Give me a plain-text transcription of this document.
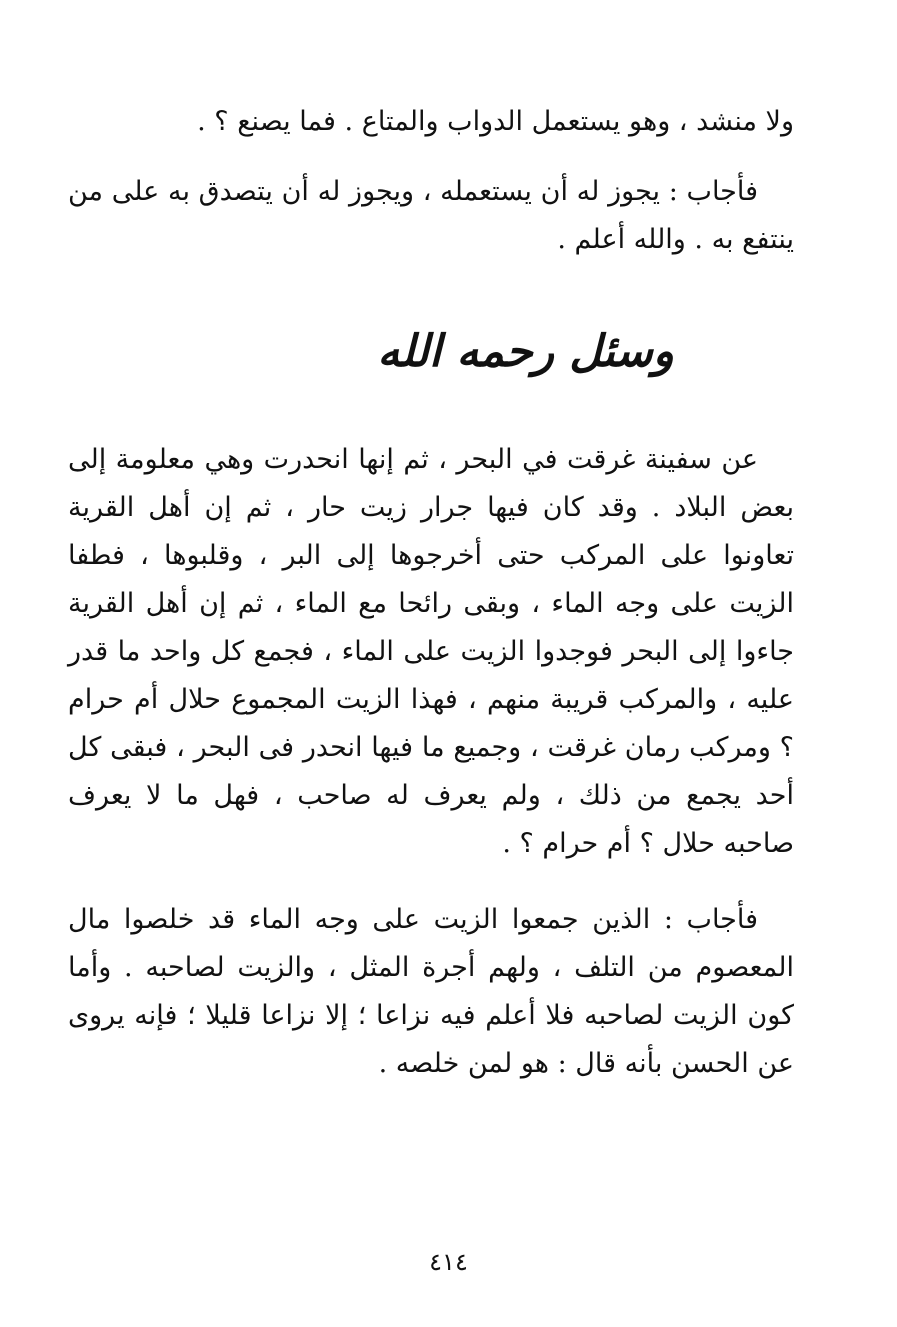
ولا منشد ، وهو يستعمل الدواب والمتاع . فما يصنع ؟ .

فأجاب : يجوز له أن يستعمله ، ويجوز له أن يتصدق به على من ينتفع به . والله أعلم .

وسئل رحمه الله

عن سفينة غرقت في البحر ، ثم إنها انحدرت وهي معلومة إلى بعض البلاد . وقد كان فيها جرار زيت حار ، ثم إن أهل القرية تعاونوا على المركب حتى أخرجوها إلى البر ، وقلبوها ، فطفا الزيت على وجه الماء ، وبقى رائحا مع الماء ، ثم إن أهل القرية جاءوا إلى البحر فوجدوا الزيت على الماء ، فجمع كل واحد ما قدر عليه ، والمركب قريبة منهم ، فهذا الزيت المجموع حلال أم حرام ؟ ومركب رمان غرقت ، وجميع ما فيها انحدر فى البحر ، فبقى كل أحد يجمع من ذلك ، ولم يعرف له صاحب ، فهل ما لا يعرف صاحبه حلال ؟ أم حرام ؟ .

فأجاب : الذين جمعوا الزيت على وجه الماء قد خلصوا مال المعصوم من التلف ، ولهم أجرة المثل ، والزيت لصاحبه . وأما كون الزيت لصاحبه فلا أعلم فيه نزاعا ؛ إلا نزاعا قليلا ؛ فإنه يروى عن الحسن بأنه قال : هو لمن خلصه .

٤١٤
